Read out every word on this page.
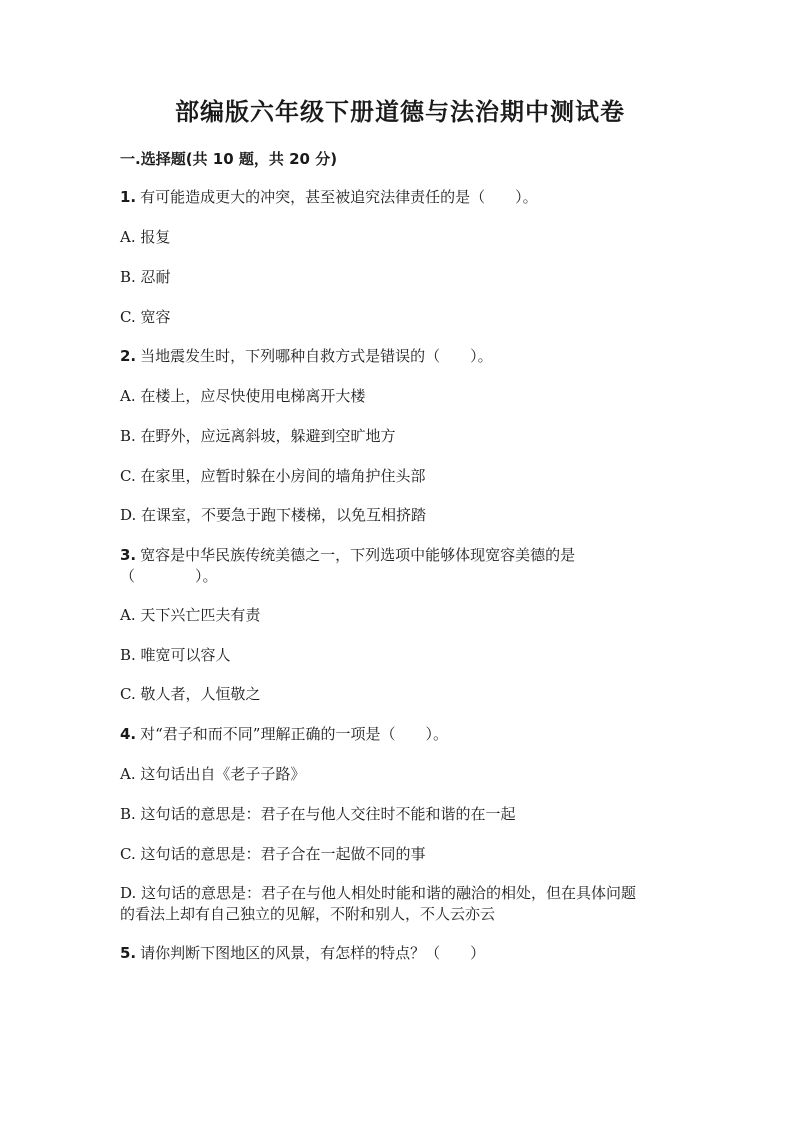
部编版六年级下册道德与法治期中测试卷
一.选择题(共 10 题，共 20 分)
1. 有可能造成更大的冲突，甚至被追究法律责任的是（　　）。
A. 报复
B. 忍耐
C. 宽容
2. 当地震发生时，下列哪种自救方式是错误的（　　）。
A. 在楼上，应尽快使用电梯离开大楼
B. 在野外，应远离斜坡，躲避到空旷地方
C. 在家里，应暂时躲在小房间的墙角护住头部
D. 在课室，不要急于跑下楼梯，以免互相挤踏
3. 宽容是中华民族传统美德之一，下列选项中能够体现宽容美德的是
（　　　　）。
A. 天下兴亡匹夫有责
B. 唯宽可以容人
C. 敬人者，人恒敬之
4. 对“君子和而不同”理解正确的一项是（　　）。
A. 这句话出自《老子子路》
B. 这句话的意思是：君子在与他人交往时不能和谐的在一起
C. 这句话的意思是：君子合在一起做不同的事
D. 这句话的意思是：君子在与他人相处时能和谐的融洽的相处，但在具体问题
的看法上却有自己独立的见解，不附和别人，不人云亦云
5. 请你判断下图地区的风景，有怎样的特点？（　　）
